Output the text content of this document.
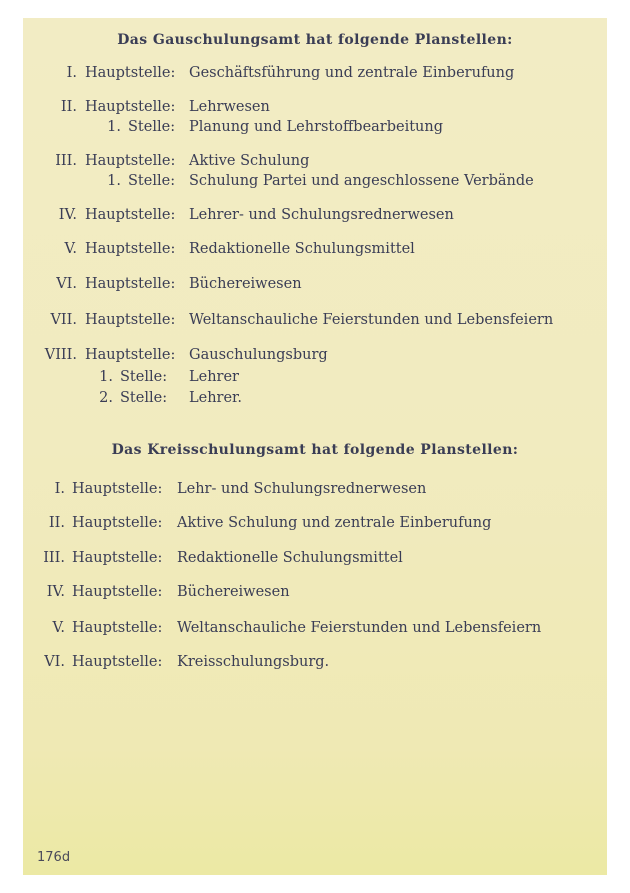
Das Gauschulungsamt hat folgende Planstellen:
I. Hauptstelle: Geschäftsführung und zentrale Einberufung
II. Hauptstelle: Lehrwesen
1. Stelle: Planung und Lehrstoffbearbeitung
III. Hauptstelle: Aktive Schulung
1. Stelle: Schulung Partei und angeschlossene Verbände
IV. Hauptstelle: Lehrer- und Schulungsrednerwesen
V. Hauptstelle: Redaktionelle Schulungsmittel
VI. Hauptstelle: Büchereiwesen
VII. Hauptstelle: Weltanschauliche Feierstunden und Lebensfeiern
VIII. Hauptstelle: Gauschulungsburg
1. Stelle: Lehrer
2. Stelle: Lehrer.
Das Kreisschulungsamt hat folgende Planstellen:
I. Hauptstelle: Lehr- und Schulungsrednerwesen
II. Hauptstelle: Aktive Schulung und zentrale Einberufung
III. Hauptstelle: Redaktionelle Schulungsmittel
IV. Hauptstelle: Büchereiwesen
V. Hauptstelle: Weltanschauliche Feierstunden und Lebensfeiern
VI. Hauptstelle: Kreisschulungsburg.
176d
